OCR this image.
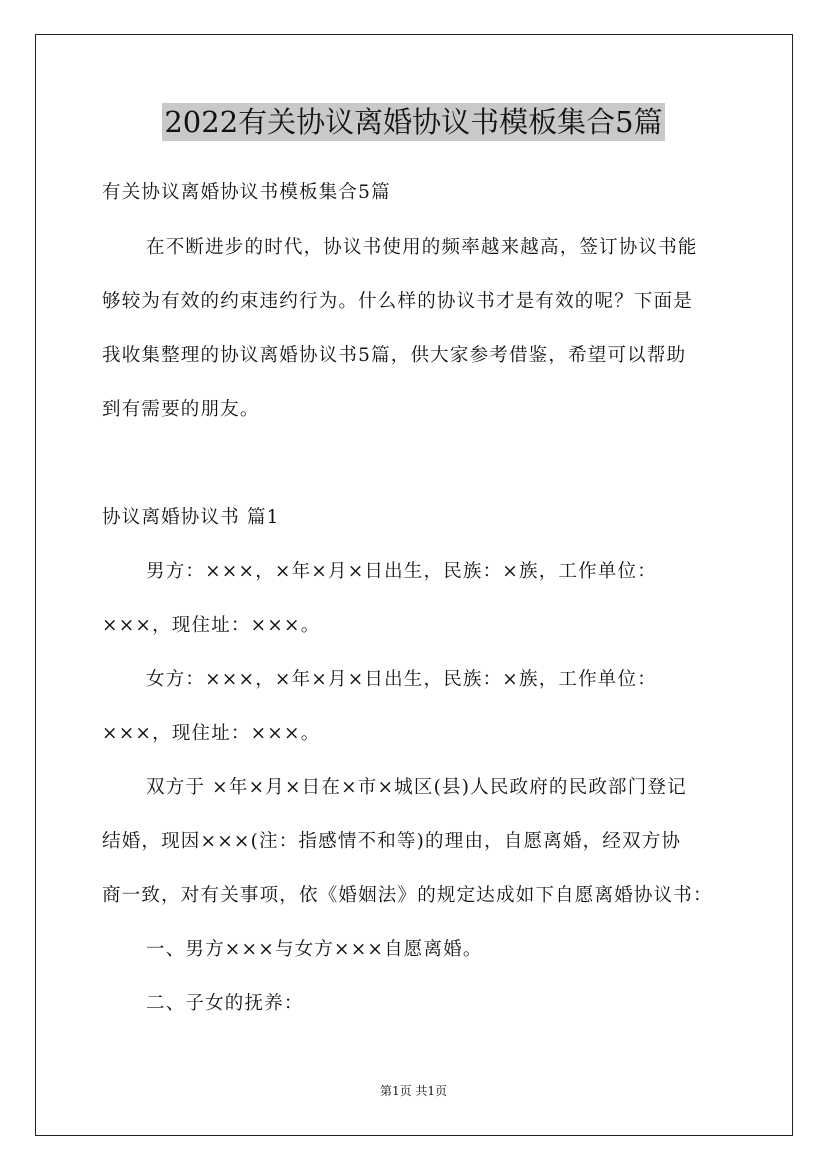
2022有关协议离婚协议书模板集合5篇

有关协议离婚协议书模板集合5篇

在不断进步的时代，协议书使用的频率越来越高，签订协议书能

够较为有效的约束违约行为。什么样的协议书才是有效的呢？下面是

我收集整理的协议离婚协议书5篇，供大家参考借鉴，希望可以帮助

到有需要的朋友。

协议离婚协议书 篇1

男方：×××，×年×月×日出生，民族：×族，工作单位：

×××，现住址：×××。

女方：×××，×年×月×日出生，民族：×族，工作单位：

×××，现住址：×××。

双方于 ×年×月×日在×市×城区(县)人民政府的民政部门登记

结婚，现因×××(注：指感情不和等)的理由，自愿离婚，经双方协

商一致，对有关事项，依《婚姻法》的规定达成如下自愿离婚协议书：

一、男方×××与女方×××自愿离婚。

二、子女的抚养：

第1页 共1页
